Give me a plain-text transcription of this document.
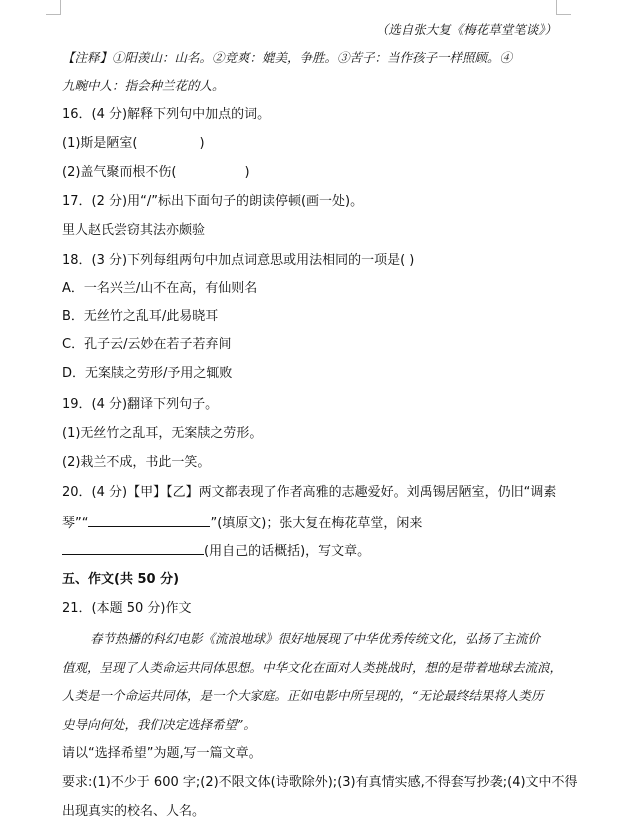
（选自张大复《梅花草堂笔谈》）
【注释】①阳羡山：山名。②竞爽：媲美，争胜。③苦子：当作孩子一样照顾。④
九畹中人：指会种兰花的人。
16．(4 分)解释下列句中加点的词。
(1)斯是陋室(	)
(2)盖气聚而根不伤(	)
17．(2 分)用“/”标出下面句子的朗读停顿(画一处)。
里人赵氏尝窃其法亦颇验
18．(3 分)下列每组两句中加点词意思或用法相同的一项是( )
A．一名兴兰/山不在高，有仙则名
B．无丝竹之乱耳/此易晓耳
C．孔子云/云妙在若子若弃间
D．无案牍之劳形/予用之辄败
19．(4 分)翻译下列句子。
(1)无丝竹之乱耳，无案牍之劳形。
(2)栽兰不成，书此一笑。
20．(4 分)【甲】【乙】两文都表现了作者高雅的志趣爱好。刘禹锡居陋室，仍旧“调素
琴”“	”(填原文)；张大复在梅花草堂，闲来
(用自己的话概括)，写文章。
五、作文(共 50 分)
21．(本题 50 分)作文
春节热播的科幻电影《流浪地球》很好地展现了中华优秀传统文化，弘扬了主流价
值观，呈现了人类命运共同体思想。中华文化在面对人类挑战时，想的是带着地球去流浪，
人类是一个命运共同体，是一个大家庭。正如电影中所呈现的，“无论最终结果将人类历
史导向何处，我们决定选择希望”。
请以“选择希望”为题,写一篇文章。
要求:(1)不少于 600 字;(2)不限文体(诗歌除外);(3)有真情实感,不得套写抄袭;(4)文中不得
出现真实的校名、人名。
